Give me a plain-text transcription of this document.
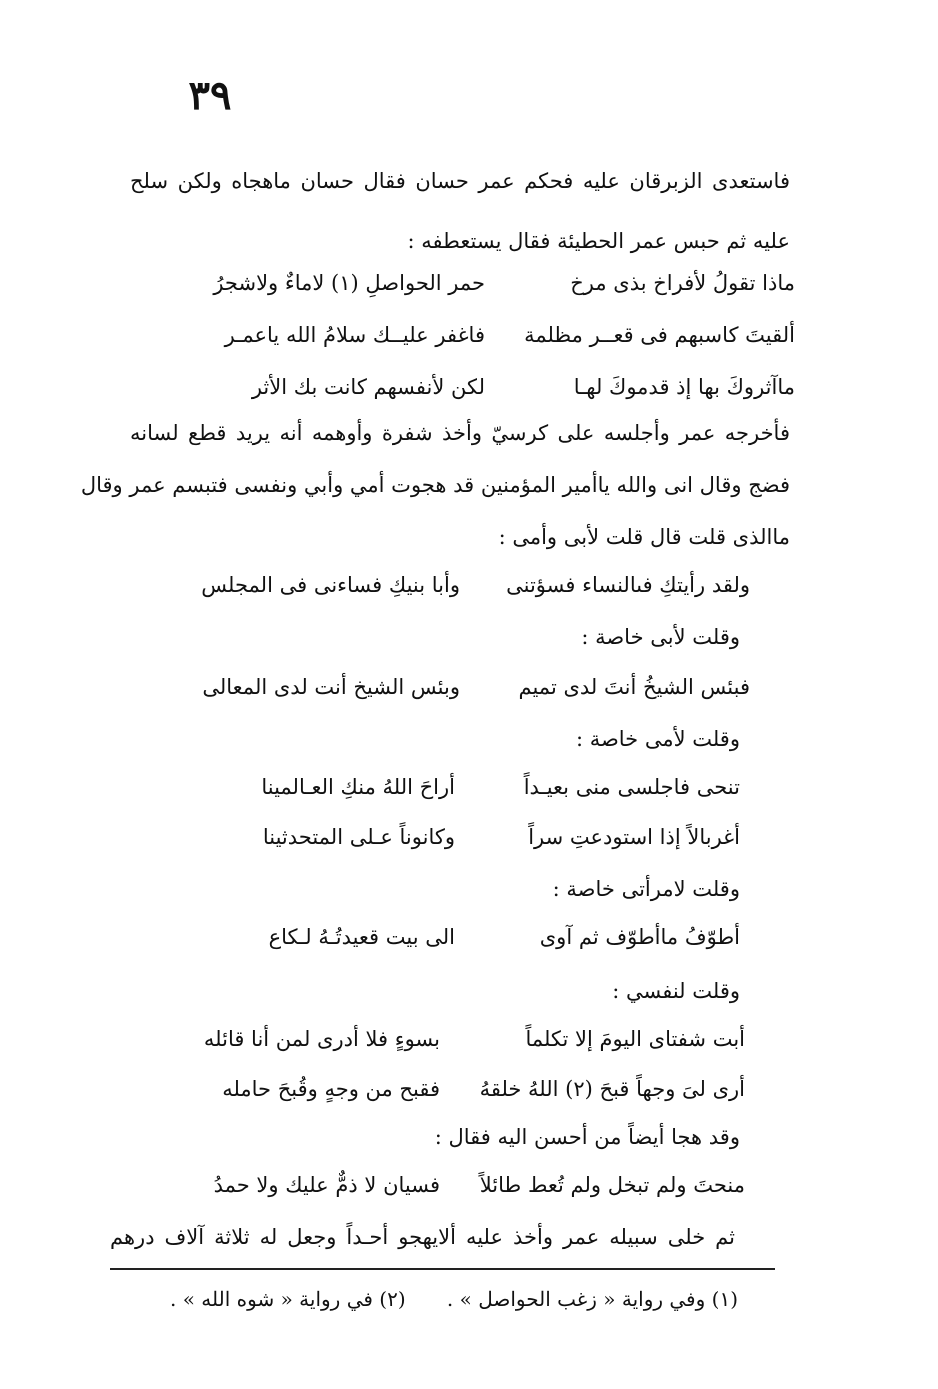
٣٩
فاستعدى الزبرقان عليه فحكم عمر حسان فقال حسان ماهجاه ولكن سلح
عليه ثم حبس عمر الحطيئة فقال يستعطفه :
ماذا تقولُ لأفراخ بذى مرخ
حمر الحواصلِ (١) لاماءٌ ولاشجرُ
ألقيتَ كاسبهم فى قعــر مظلمة
فاغفر عليــك سلامُ الله ياعمـر
ماآثروكَ بها إذ قدموكَ لهـا
لكن لأنفسهم كانت بك الأثر
فأخرجه عمر وأجلسه على كرسيّ وأخذ شفرة وأوهمه أنه يريد قطع لسانه
فضج وقال انى والله ياأمير المؤمنين قد هجوت أمي وأبي ونفسى فتبسم عمر وقال
ماالذى قلت قال قلت لأبى وأمى :
ولقد رأيتكِ فىالنساء فسؤتنى
وأبا بنيكِ فساءنى فى المجلس
وقلت لأبى خاصة :
فبئس الشيخُ أنتَ لدى تميم
وبئس الشيخ أنت لدى المعالى
وقلت لأمى خاصة :
تنحى فاجلسى منى بعيـداً
أراحَ اللهُ منكِ العـالمينا
أغربالاً إذا استودعتِ سراً
وكانوناً عـلى المتحدثينا
وقلت لامرأتى خاصة :
أطوّفُ ماأطوّف ثم آوى
الى بيت قعيدتُـهُ لـكاع
وقلت لنفسي :
أبت شفتاى اليومَ إلا تكلماً
بسوءٍ فلا أدرى لمن أنا قائله
أرى لىَ وجهاً قبحَ (٢) اللهُ خلقهُ
فقبح من وجهٍ وقُبحَ حامله
وقد هجا أيضاً من أحسن اليه فقال :
منحتَ ولم تبخل ولم تُعط طائلاً
فسيان لا ذمٌّ عليك ولا حمدُ
ثم خلى سبيله عمر وأخذ عليه ألايهجو أحـداً وجعل له ثلاثة آلاف درهم
(١) وفي رواية « زغب الحواصل » .
(٢) في رواية « شوه الله » .
